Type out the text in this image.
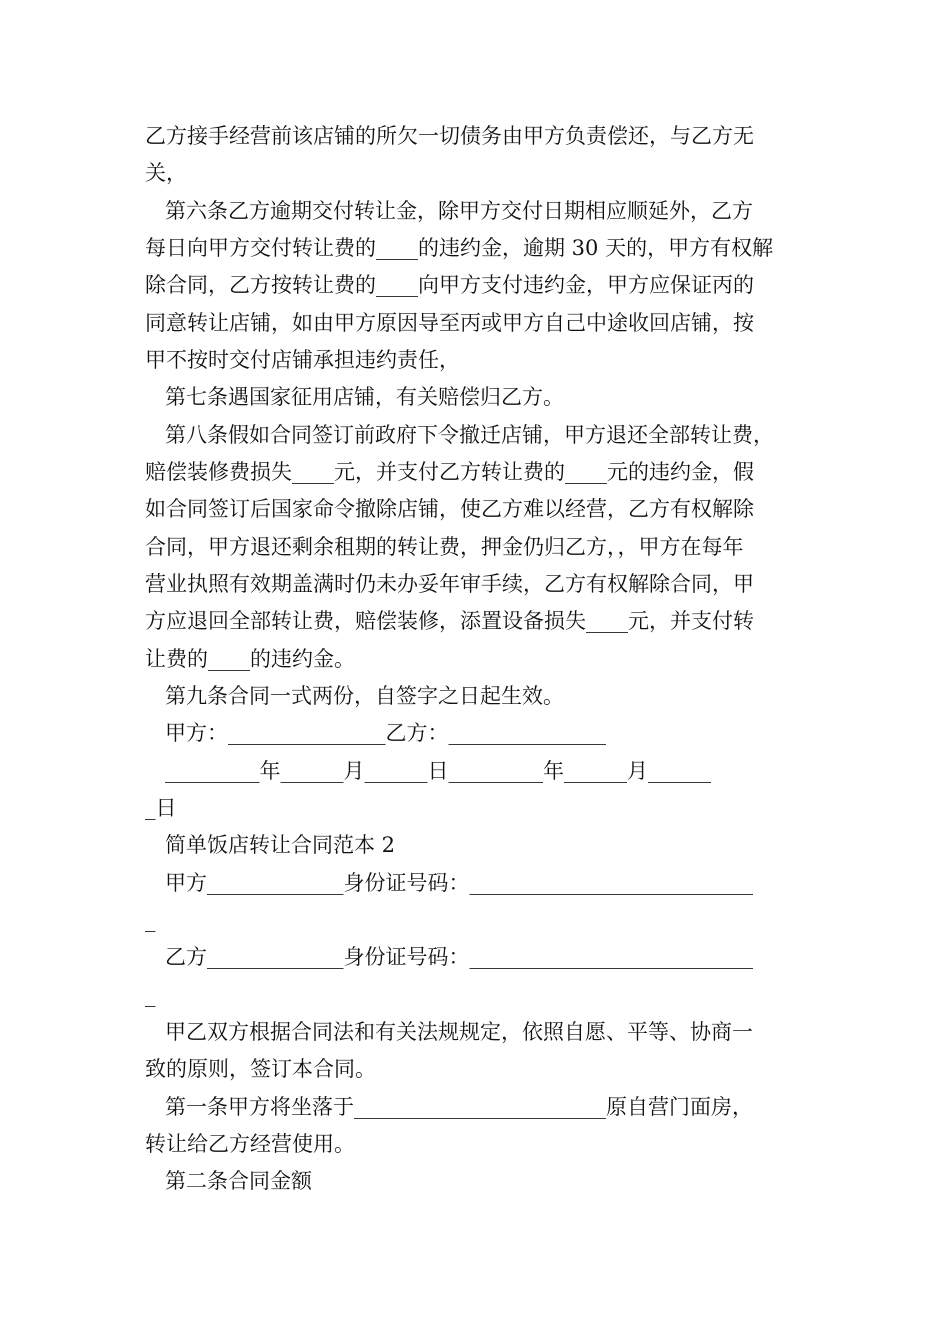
乙方接手经营前该店铺的所欠一切债务由甲方负责偿还，与乙方无
关，
第六条乙方逾期交付转让金，除甲方交付日期相应顺延外，乙方
每日向甲方交付转让费的____的违约金，逾期 30 天的，甲方有权解
除合同，乙方按转让费的____向甲方支付违约金，甲方应保证丙的
同意转让店铺，如由甲方原因导至丙或甲方自己中途收回店铺，按
甲不按时交付店铺承担违约责任，
第七条遇国家征用店铺，有关赔偿归乙方。
第八条假如合同签订前政府下令撤迁店铺，甲方退还全部转让费，
赔偿装修费损失____元，并支付乙方转让费的____元的违约金，假
如合同签订后国家命令撤除店铺，使乙方难以经营，乙方有权解除
合同，甲方退还剩余租期的转让费，押金仍归乙方，，甲方在每年
营业执照有效期盖满时仍未办妥年审手续，乙方有权解除合同，甲
方应退回全部转让费，赔偿装修，添置设备损失____元，并支付转
让费的____的违约金。
第九条合同一式两份，自签字之日起生效。
甲方：_______________乙方：_______________
_________年______月______日_________年______月______
_日
简单饭店转让合同范本 2
甲方_____________身份证号码：___________________________
_
乙方_____________身份证号码：___________________________
_
甲乙双方根据合同法和有关法规规定，依照自愿、平等、协商一
致的原则，签订本合同。
第一条甲方将坐落于________________________原自营门面房，
转让给乙方经营使用。
第二条合同金额
